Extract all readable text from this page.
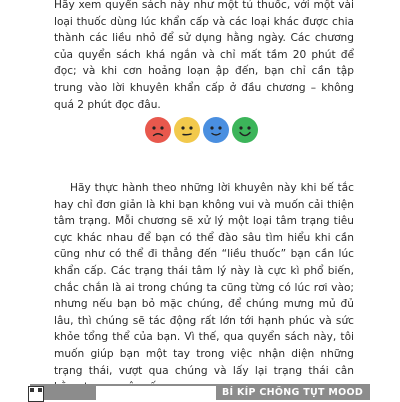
Hãy xem quyển sách này như một tủ thuốc, với một vài loại thuốc dùng lúc khẩn cấp và các loại khác được chia thành các liều nhỏ để sử dụng hằng ngày. Các chương của quyển sách khá ngắn và chỉ mất tầm 20 phút để đọc; và khi cơn hoảng loạn ập đến, bạn chỉ cần tập trung vào lời khuyên khẩn cấp ở đầu chương – không quá 2 phút đọc đâu.

Hãy thực hành theo những lời khuyên này khi bế tắc hay chỉ đơn giản là khi bạn không vui và muốn cải thiện tâm trạng. Mỗi chương sẽ xử lý một loại tâm trạng tiêu cực khác nhau để bạn có thể đào sâu tìm hiểu khi cần cũng như có thể đi thẳng đến “liều thuốc” bạn cần lúc khẩn cấp. Các trạng thái tâm lý này là cực kì phổ biến, chắc chắn là ai trong chúng ta cũng từng có lúc rơi vào; nhưng nếu bạn bỏ mặc chúng, để chúng mưng mủ đủ lâu, thì chúng sẽ tác động rất lớn tới hạnh phúc và sức khỏe tổng thể của bạn. Vì thế, qua quyển sách này, tôi muốn giúp bạn một tay trong việc nhận diện những trạng thái, vượt qua chúng và lấy lại trạng thái cân

BÍ KÍP CHỐNG TỤT MOOD
